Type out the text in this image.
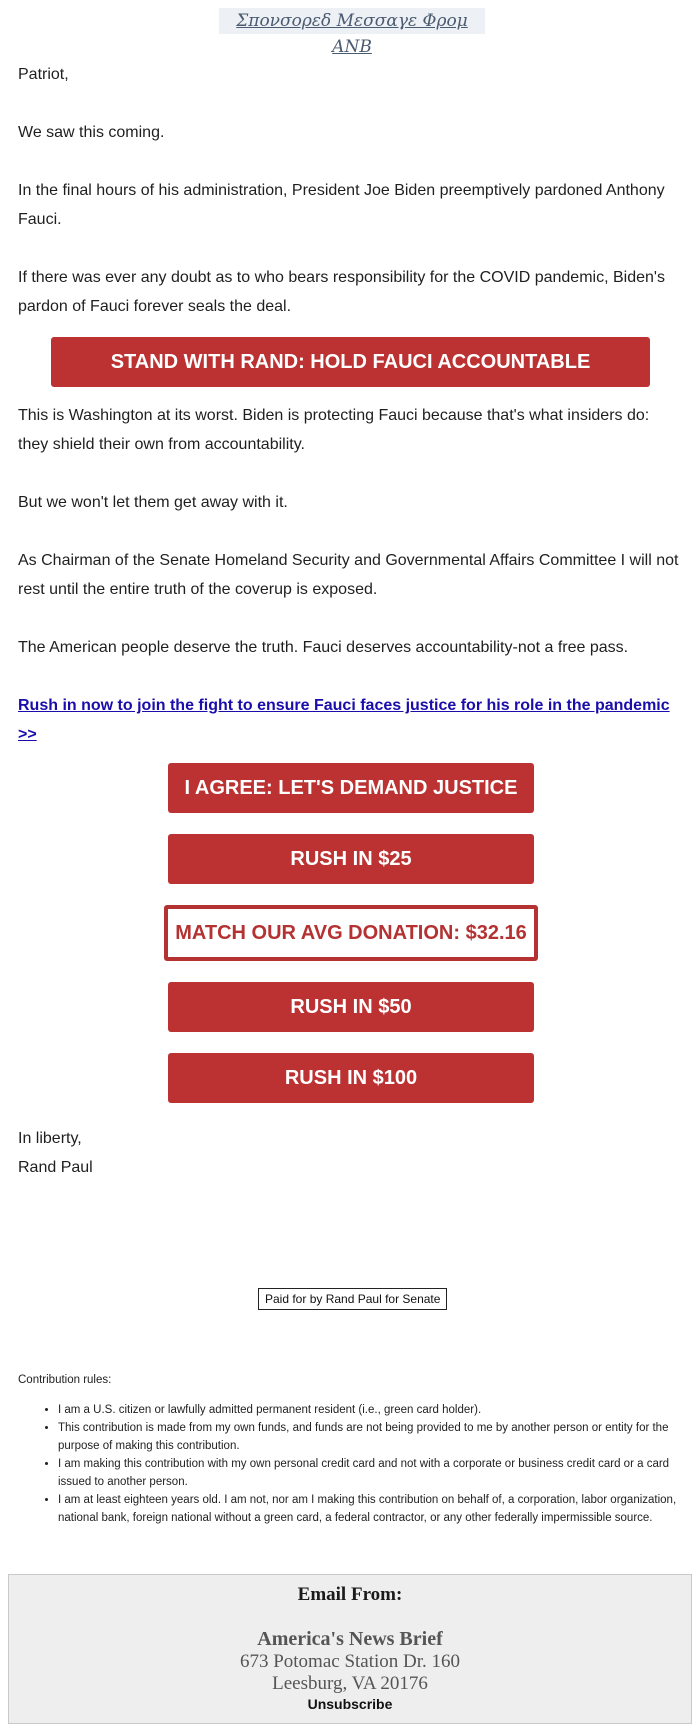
Σπονσορεδ Μεσσαγε Φρομ ΑΝΒ

Patriot,

We saw this coming.

In the final hours of his administration, President Joe Biden preemptively pardoned Anthony Fauci.

If there was ever any doubt as to who bears responsibility for the COVID pandemic, Biden's pardon of Fauci forever seals the deal.

STAND WITH RAND: HOLD FAUCI ACCOUNTABLE

This is Washington at its worst. Biden is protecting Fauci because that's what insiders do: they shield their own from accountability.

But we won't let them get away with it.

As Chairman of the Senate Homeland Security and Governmental Affairs Committee I will not rest until the entire truth of the coverup is exposed.

The American people deserve the truth. Fauci deserves accountability-not a free pass.

Rush in now to join the fight to ensure Fauci faces justice for his role in the pandemic >>

I AGREE: LET'S DEMAND JUSTICE
RUSH IN $25
MATCH OUR AVG DONATION: $32.16
RUSH IN $50
RUSH IN $100
In liberty,
Rand Paul
Paid for by Rand Paul for Senate

Contribution rules:

• I am a U.S. citizen or lawfully admitted permanent resident (i.e., green card holder).
• This contribution is made from my own funds, and funds are not being provided to me by another person or entity for the purpose of making this contribution.
• I am making this contribution with my own personal credit card and not with a corporate or business credit card or a card issued to another person.
• I am at least eighteen years old. I am not, nor am I making this contribution on behalf of, a corporation, labor organization, national bank, foreign national without a green card, a federal contractor, or any other federally impermissible source.
Email From:
America's News Brief
673 Potomac Station Dr. 160
Leesburg, VA 20176
Unsubscribe
